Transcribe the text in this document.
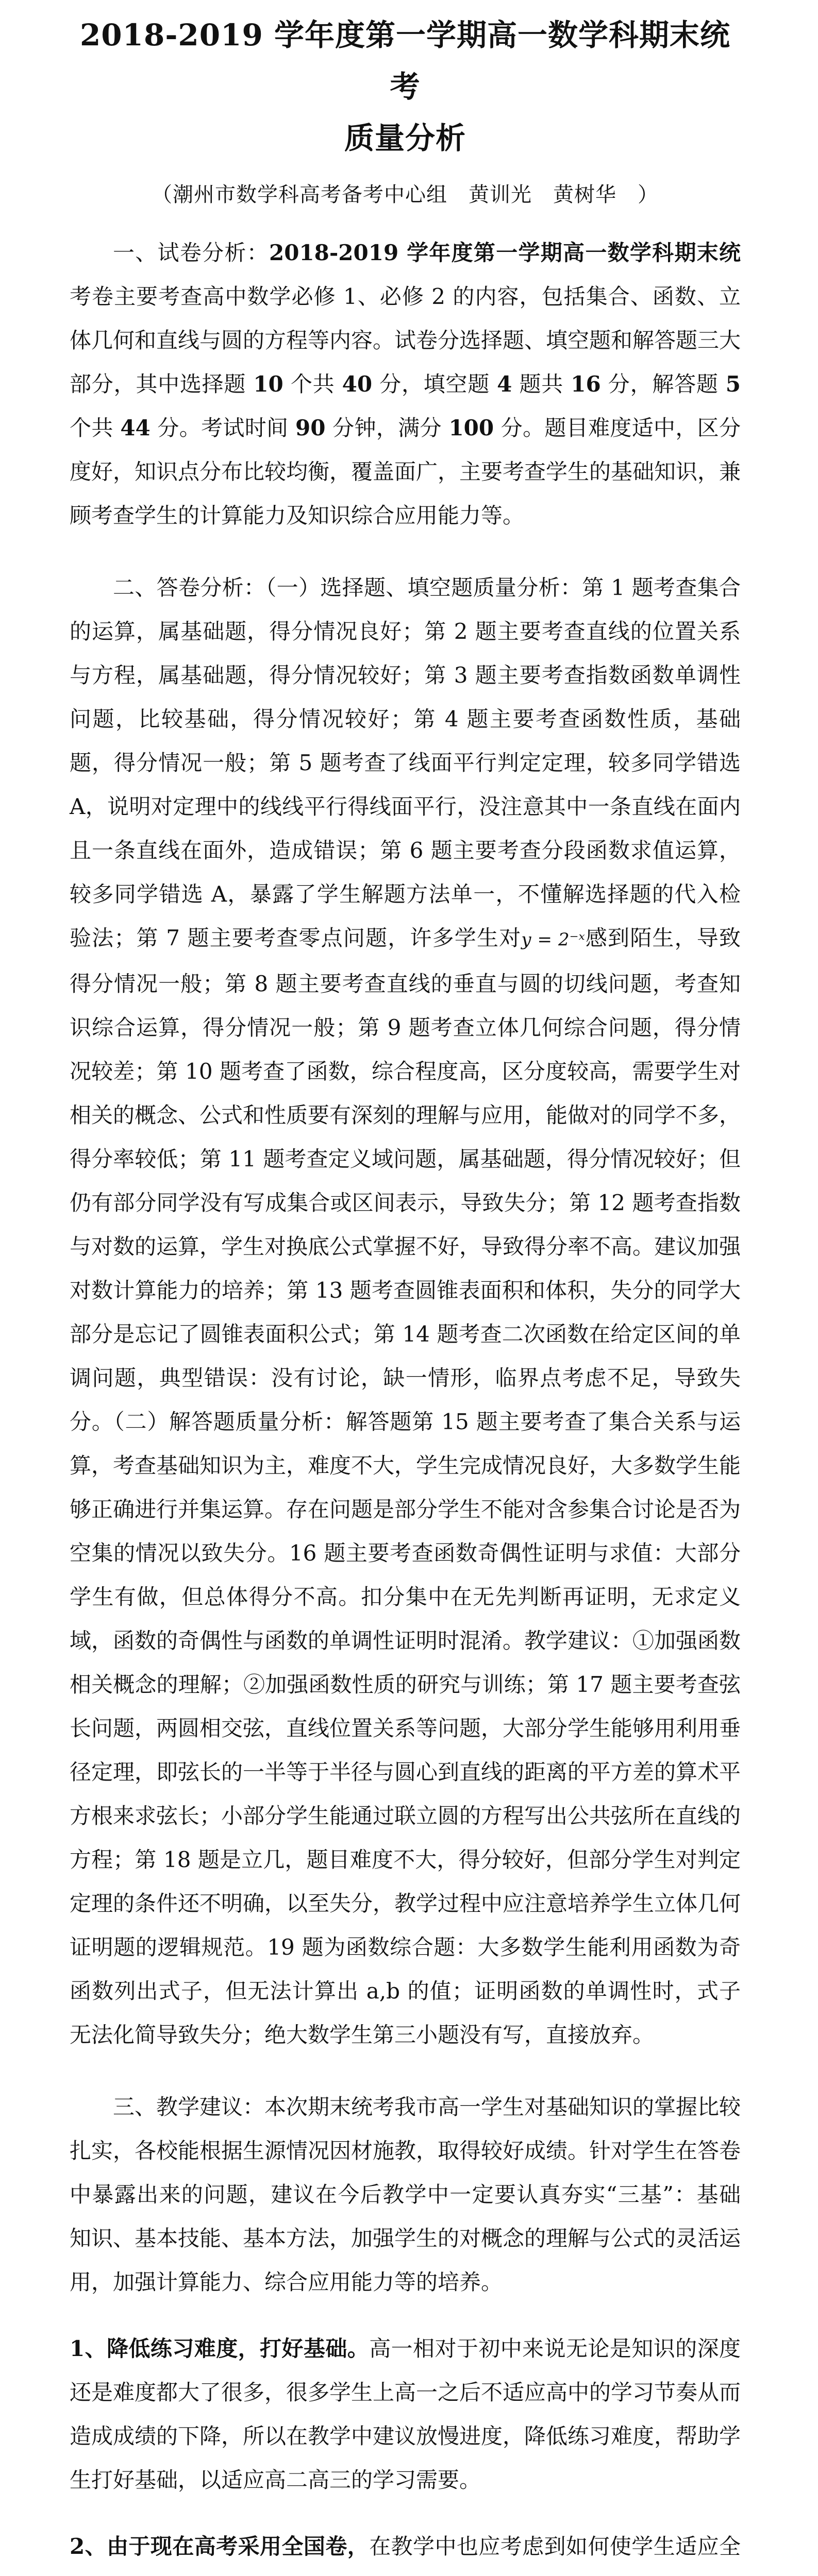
2018-2019 学年度第一学期高一数学科期末统考
质量分析

（潮州市数学科高考备考中心组　黄训光　黄树华　）

一、试卷分析：2018-2019 学年度第一学期高一数学科期末统考卷主要考查高中数学必修 1、必修 2 的内容，包括集合、函数、立体几何和直线与圆的方程等内容。试卷分选择题、填空题和解答题三大部分，其中选择题 10 个共 40 分，填空题 4 题共 16 分，解答题 5 个共 44 分。考试时间 90 分钟，满分 100 分。题目难度适中，区分度好，知识点分布比较均衡，覆盖面广，主要考查学生的基础知识，兼顾考查学生的计算能力及知识综合应用能力等。

二、答卷分析：（一）选择题、填空题质量分析：第 1 题考查集合的运算，属基础题，得分情况良好；第 2 题主要考查直线的位置关系与方程，属基础题，得分情况较好；第 3 题主要考查指数函数单调性问题，比较基础，得分情况较好；第 4 题主要考查函数性质，基础题，得分情况一般；第 5 题考查了线面平行判定定理，较多同学错选 A，说明对定理中的线线平行得线面平行，没注意其中一条直线在面内且一条直线在面外，造成错误；第 6 题主要考查分段函数求值运算，较多同学错选 A，暴露了学生解题方法单一，不懂解选择题的代入检验法；第 7 题主要考查零点问题，许多学生对y = 2⁻ˣ感到陌生，导致得分情况一般；第 8 题主要考查直线的垂直与圆的切线问题，考查知识综合运算，得分情况一般；第 9 题考查立体几何综合问题，得分情况较差；第 10 题考查了函数，综合程度高，区分度较高，需要学生对相关的概念、公式和性质要有深刻的理解与应用，能做对的同学不多，得分率较低；第 11 题考查定义域问题，属基础题，得分情况较好；但仍有部分同学没有写成集合或区间表示，导致失分；第 12 题考查指数与对数的运算，学生对换底公式掌握不好，导致得分率不高。建议加强对数计算能力的培养；第 13 题考查圆锥表面积和体积，失分的同学大部分是忘记了圆锥表面积公式；第 14 题考查二次函数在给定区间的单调问题，典型错误：没有讨论，缺一情形，临界点考虑不足，导致失分。（二）解答题质量分析：解答题第 15 题主要考查了集合关系与运算，考查基础知识为主，难度不大，学生完成情况良好，大多数学生能够正确进行并集运算。存在问题是部分学生不能对含参集合讨论是否为空集的情况以致失分。16 题主要考查函数奇偶性证明与求值：大部分学生有做，但总体得分不高。扣分集中在无先判断再证明，无求定义域，函数的奇偶性与函数的单调性证明时混淆。教学建议：①加强函数相关概念的理解；②加强函数性质的研究与训练；第 17 题主要考查弦长问题，两圆相交弦，直线位置关系等问题，大部分学生能够用利用垂径定理，即弦长的一半等于半径与圆心到直线的距离的平方差的算术平方根来求弦长；小部分学生能通过联立圆的方程写出公共弦所在直线的方程；第 18 题是立几，题目难度不大，得分较好，但部分学生对判定定理的条件还不明确，以至失分，教学过程中应注意培养学生立体几何证明题的逻辑规范。19 题为函数综合题：大多数学生能利用函数为奇函数列出式子，但无法计算出 a,b 的值；证明函数的单调性时，式子无法化简导致失分；绝大数学生第三小题没有写，直接放弃。

三、教学建议：本次期末统考我市高一学生对基础知识的掌握比较扎实，各校能根据生源情况因材施教，取得较好成绩。针对学生在答卷中暴露出来的问题，建议在今后教学中一定要认真夯实“三基”：基础知识、基本技能、基本方法，加强学生的对概念的理解与公式的灵活运用，加强计算能力、综合应用能力等的培养。

1、降低练习难度，打好基础。高一相对于初中来说无论是知识的深度还是难度都大了很多，很多学生上高一之后不适应高中的学习节奏从而造成成绩的下降，所以在教学中建议放慢进度，降低练习难度，帮助学生打好基础，以适应高二高三的学习需要。

2、由于现在高考采用全国卷，在教学中也应考虑到如何使学生适应全
